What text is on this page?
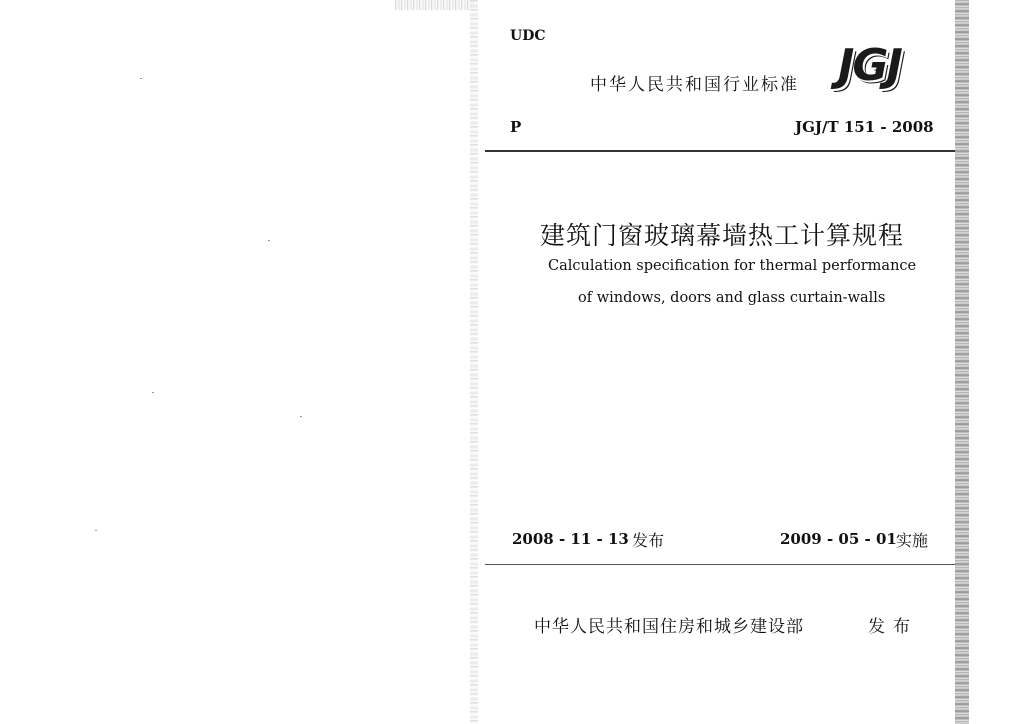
UDC
中华人民共和国行业标准 JGJ
P	JGJ/T 151 - 2008
建筑门窗玻璃幕墙热工计算规程
Calculation specification for thermal performance
of windows, doors and glass curtain-walls
2008 - 11 - 13 发布	2009 - 05 - 01 实施
中华人民共和国住房和城乡建设部	发布
